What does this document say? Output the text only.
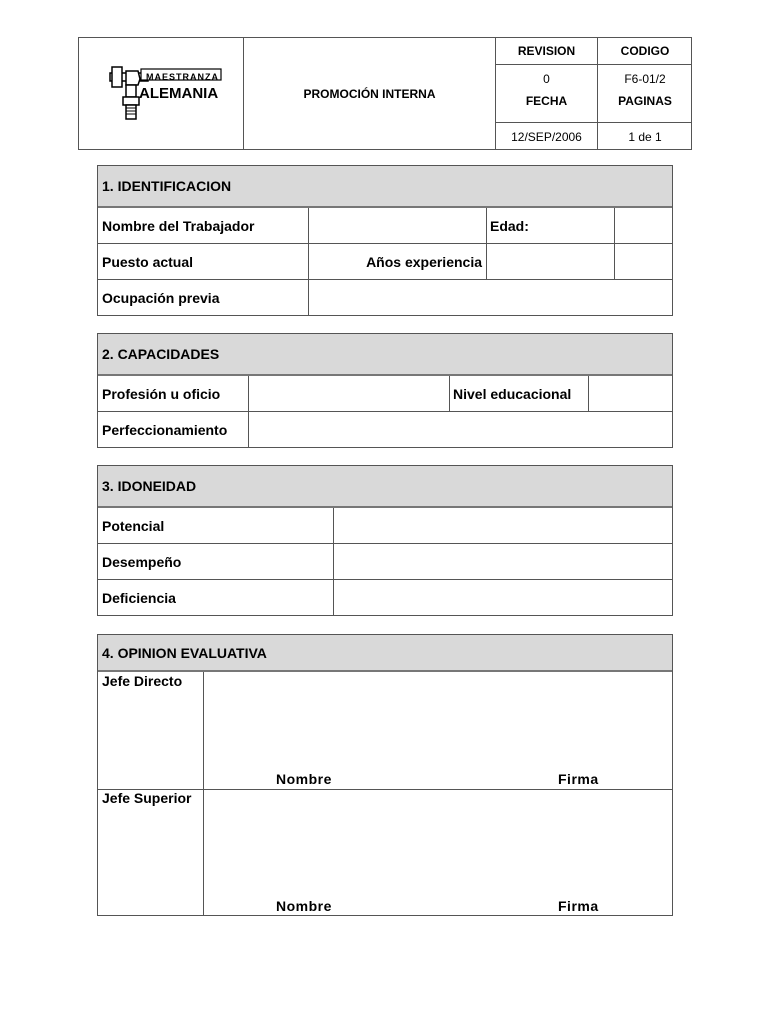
MAESTRANZA
ALEMANIA	PROMOCIÓN INTERNA
REVISION	CODIGO
0	F6-01/2
FECHA	PAGINAS
12/SEP/2006	1 de 1
1. IDENTIFICACION
Nombre del Trabajador	Edad:
Puesto actual	Años experiencia
Ocupación previa
2. CAPACIDADES
Profesión u oficio	Nivel educacional
Perfeccionamiento
3. IDONEIDAD
Potencial
Desempeño
Deficiencia
4. OPINION EVALUATIVA
Jefe Directo
Nombre	Firma
Jefe Superior
Nombre	Firma
